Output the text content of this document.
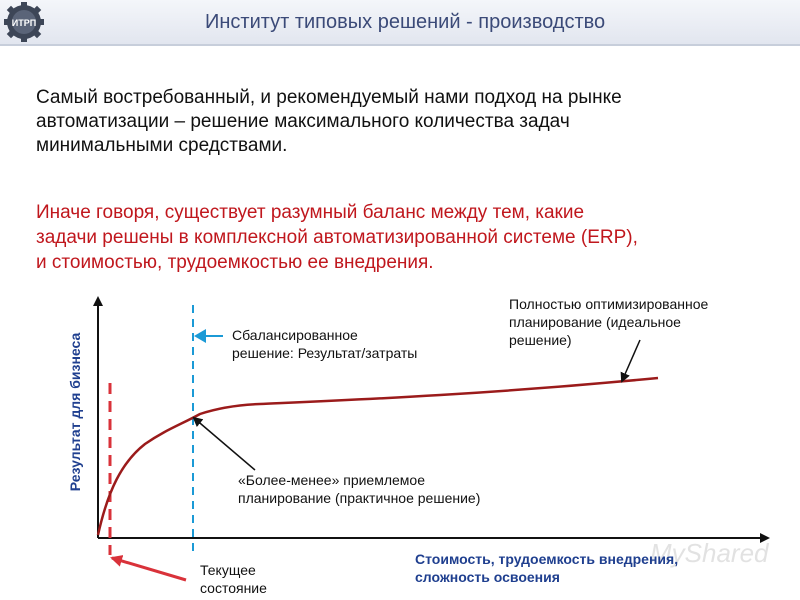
ИТРП	Институт типовых решений - производство
Самый востребованный, и рекомендуемый нами подход на рынке
автоматизации – решение максимального количества задач
минимальными средствами.
Иначе говоря, существует разумный баланс между тем, какие
задачи решены в комплексной автоматизированной системе (ERP),
и стоимостью, трудоемкостью ее внедрения.
Результат для бизнеса	Сбалансированное
решение: Результат/затраты
Полностью оптимизированное
планирование (идеальное
решение)
«Более-менее» приемлемое
планирование (практичное решение)
Текущее
состояние
MyShared
Стоимость, трудоемкость внедрения,
сложность освоения
